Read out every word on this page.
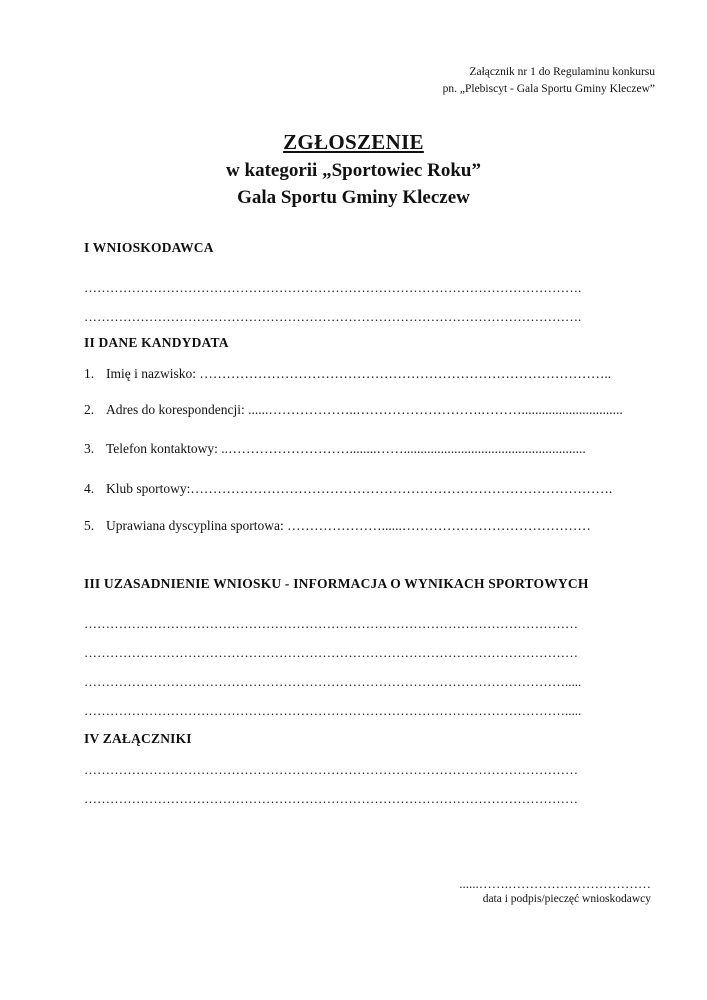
Załącznik nr 1 do Regulaminu konkursu
pn. „Plebiscyt - Gala Sportu Gminy Kleczew”
ZGŁOSZENIE
w kategorii „Sportowiec Roku”
Gala Sportu Gminy Kleczew
I WNIOSKODAWCA
…………………………………………………………………………………………………….
…………………………………………………………………………………………………….
II DANE KANDYDATA
1. Imię i nazwisko: ………………………………………………………………………………..
2. Adres do korespondencji: ......………………..……………………….………..............................
3. Telefon kontaktowy: ..………………………........……......................................................
4. Klub sportowy:………………………………………………………………………………….
5. Uprawiana dyscyplina sportowa: …………………......……………………………………
III UZASADNIENIE WNIOSKU - INFORMACJA O WYNIKACH SPORTOWYCH
……………………………………………………………………………………………………
……………………………………………………………………………………………………
………………………………………………………………………………………………….....
………………………………………………………………………………………………….....
IV ZAŁĄCZNIKI
……………………………………………………………………………………………………
……………………………………………………………………………………………………
......…….……………………………
data i podpis/pieczęć wnioskodawcy
